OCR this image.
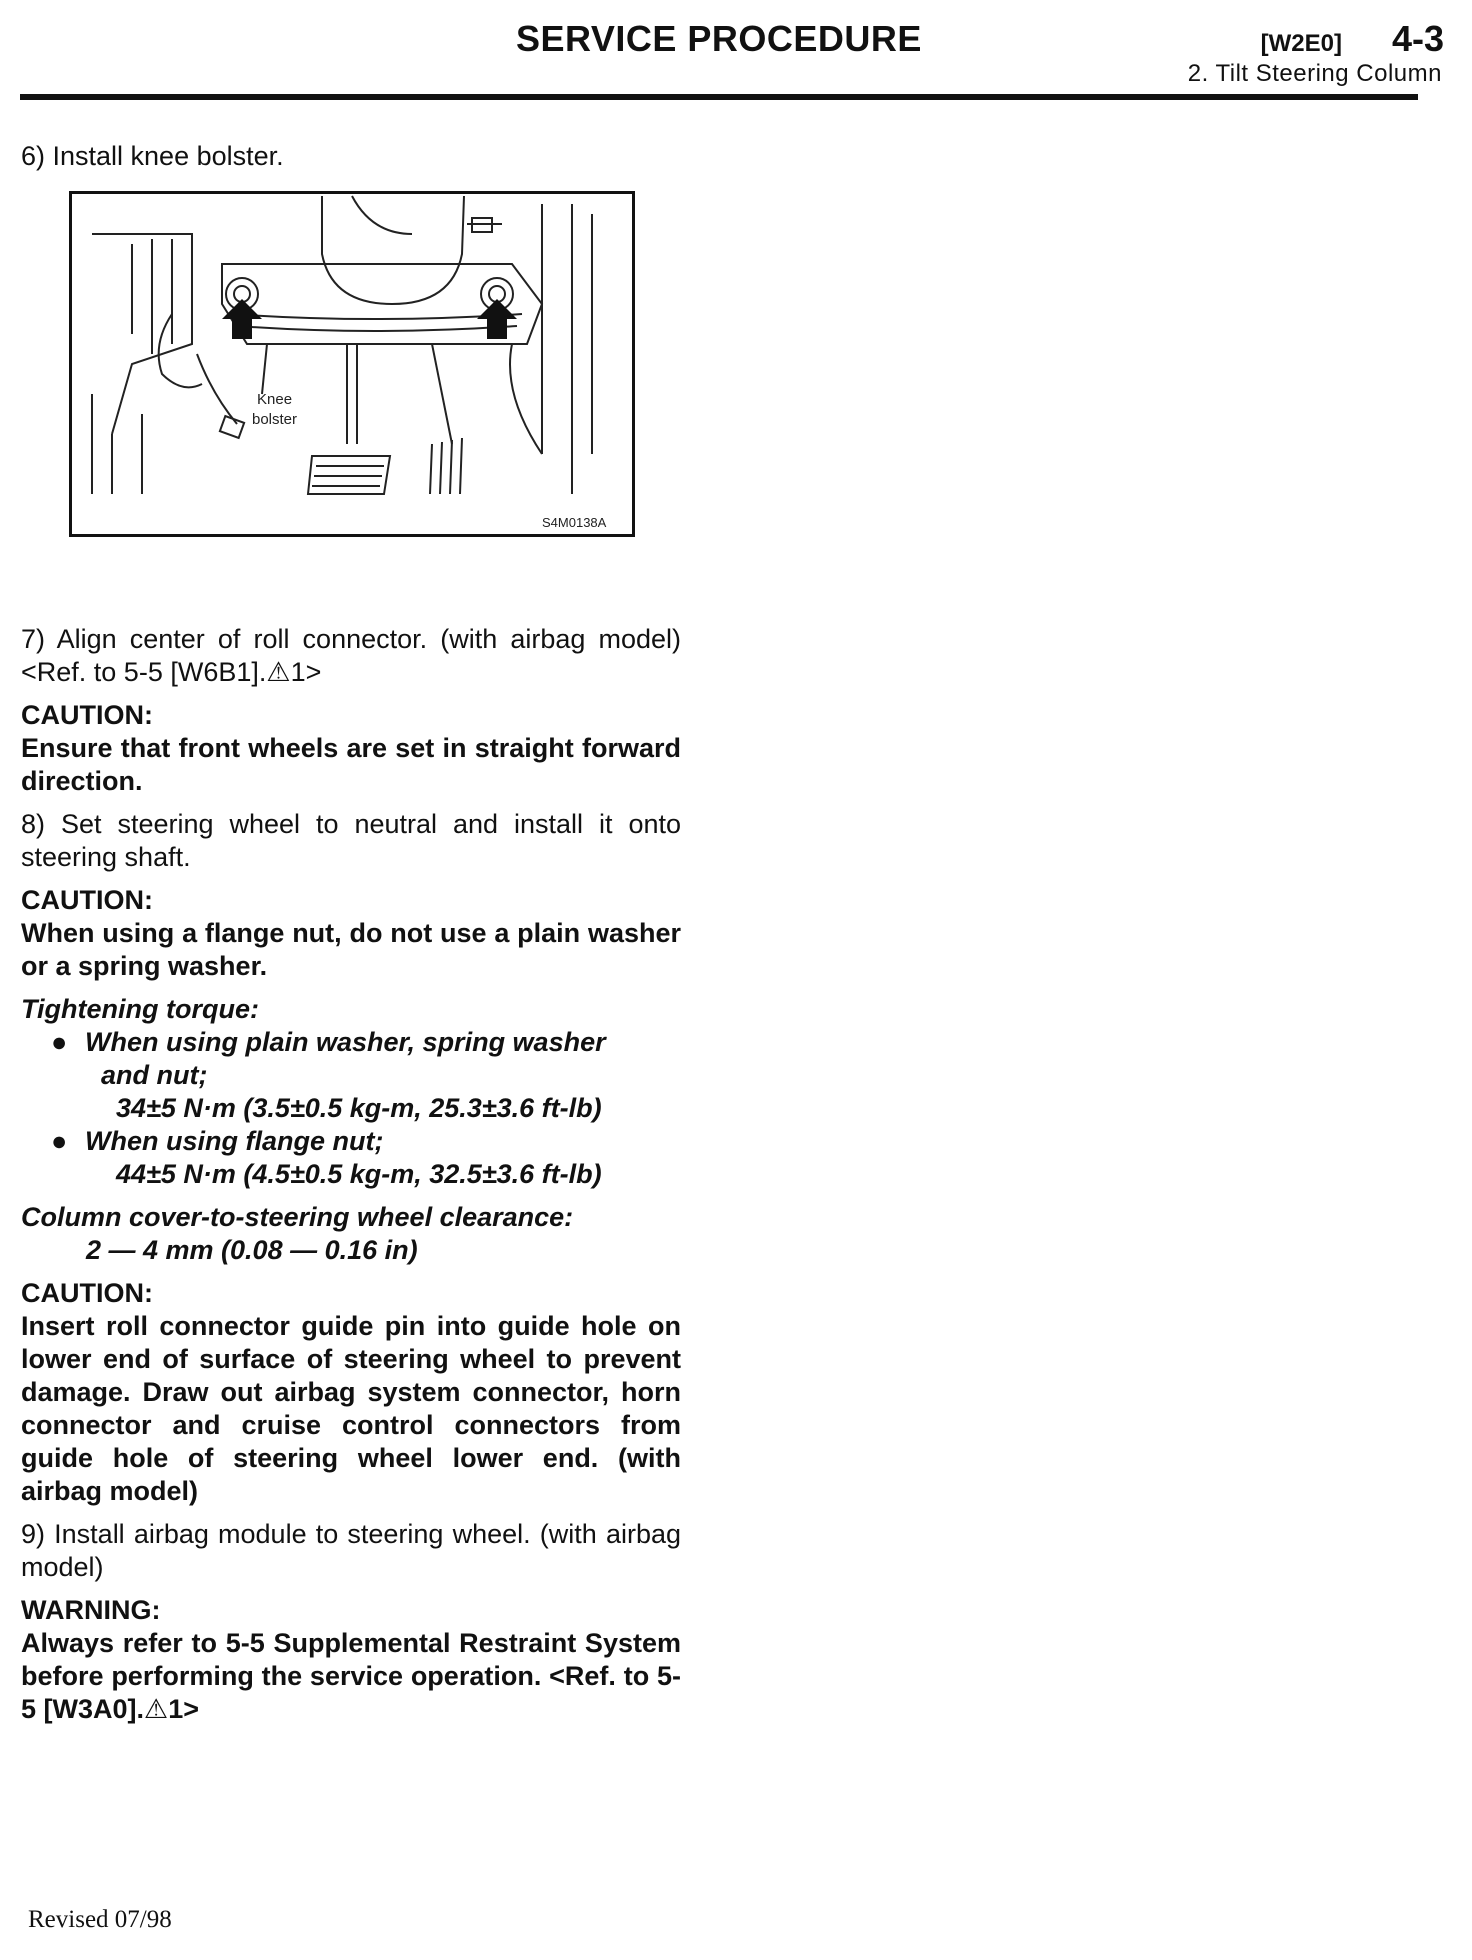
SERVICE PROCEDURE	[W2E0] 4-3
2. Tilt Steering Column

6) Install knee bolster.

Knee
bolster
S4M0138A

7) Align center of roll connector. (with airbag model) <Ref. to 5-5 [W6B1].⚠1>

CAUTION:

Ensure that front wheels are set in straight forward direction.

8) Set steering wheel to neutral and install it onto steering shaft.

CAUTION:

When using a flange nut, do not use a plain washer or a spring washer.

Tightening torque:

● When using plain washer, spring washer

and nut;

34±5 N·m (3.5±0.5 kg-m, 25.3±3.6 ft-lb)

● When using flange nut;

44±5 N·m (4.5±0.5 kg-m, 32.5±3.6 ft-lb)

Column cover-to-steering wheel clearance:

2 — 4 mm (0.08 — 0.16 in)

CAUTION:

Insert roll connector guide pin into guide hole on lower end of surface of steering wheel to prevent damage. Draw out airbag system connector, horn connector and cruise control connectors from guide hole of steering wheel lower end. (with airbag model)

9) Install airbag module to steering wheel. (with airbag model)

WARNING:

Always refer to 5-5 Supplemental Restraint System before performing the service operation. <Ref. to 5-5 [W3A0].⚠1>

Revised 07/98
